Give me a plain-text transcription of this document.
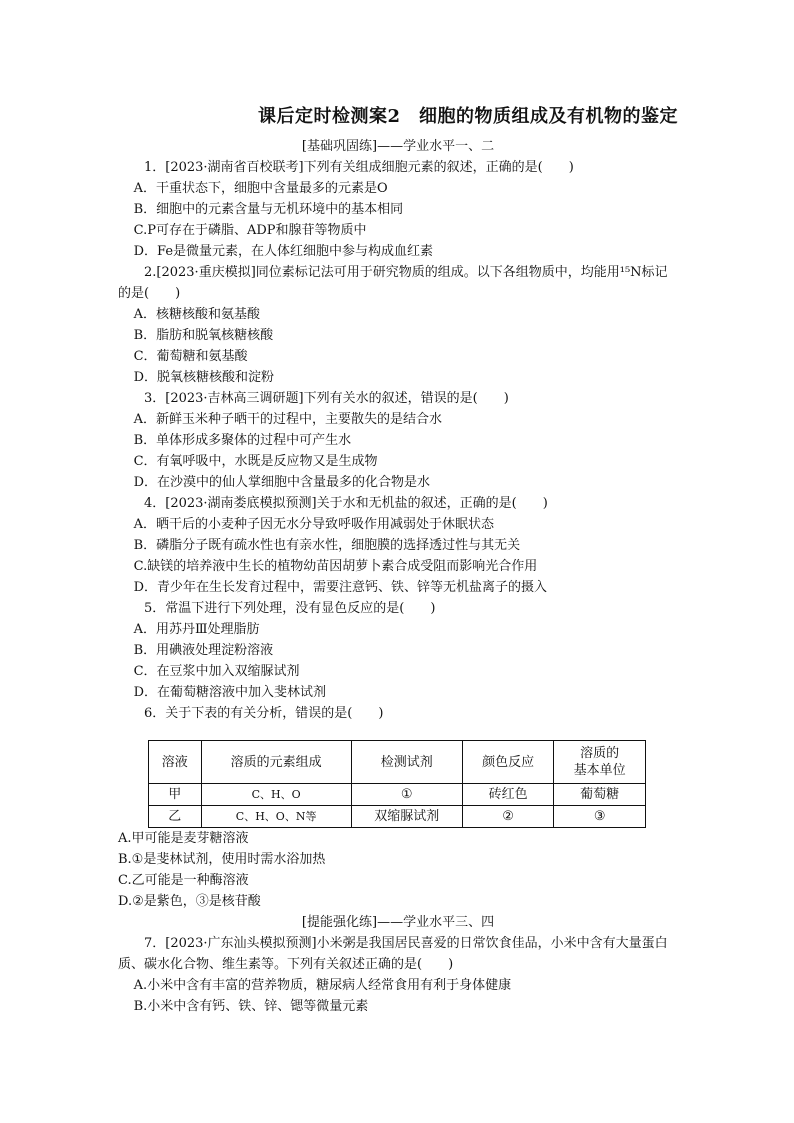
课后定时检测案2　细胞的物质组成及有机物的鉴定

[基础巩固练]——学业水平一、二

1．[2023·湖南省百校联考]下列有关组成细胞元素的叙述，正确的是(　　)

A．干重状态下，细胞中含量最多的元素是O

B．细胞中的元素含量与无机环境中的基本相同

C.P可存在于磷脂、ADP和腺苷等物质中

D．Fe是微量元素，在人体红细胞中参与构成血红素

2.[2023·重庆模拟]同位素标记法可用于研究物质的组成。以下各组物质中，均能用¹⁵N标记的是(　　)

A．核糖核酸和氨基酸

B．脂肪和脱氧核糖核酸

C．葡萄糖和氨基酸

D．脱氧核糖核酸和淀粉

3．[2023·吉林高三调研题]下列有关水的叙述，错误的是(　　)

A．新鲜玉米种子晒干的过程中，主要散失的是结合水

B．单体形成多聚体的过程中可产生水

C．有氧呼吸中，水既是反应物又是生成物

D．在沙漠中的仙人掌细胞中含量最多的化合物是水

4．[2023·湖南娄底模拟预测]关于水和无机盐的叙述，正确的是(　　)

A．晒干后的小麦种子因无水分导致呼吸作用减弱处于休眠状态

B．磷脂分子既有疏水性也有亲水性，细胞膜的选择透过性与其无关

C.缺镁的培养液中生长的植物幼苗因胡萝卜素合成受阻而影响光合作用

D．青少年在生长发育过程中，需要注意钙、铁、锌等无机盐离子的摄入

5．常温下进行下列处理，没有显色反应的是(　　)

A．用苏丹Ⅲ处理脂肪

B．用碘液处理淀粉溶液

C．在豆浆中加入双缩脲试剂

D．在葡萄糖溶液中加入斐林试剂

6．关于下表的有关分析，错误的是(　　)

溶液	溶质的元素组成	检测试剂	颜色反应	溶质的
基本单位
甲	C、H、O	①	砖红色	葡萄糖
乙	C、H、O、N等	双缩脲试剂	②	③

A.甲可能是麦芽糖溶液

B.①是斐林试剂，使用时需水浴加热

C.乙可能是一种酶溶液

D.②是紫色，③是核苷酸

[提能强化练]——学业水平三、四

7．[2023·广东汕头模拟预测]小米粥是我国居民喜爱的日常饮食佳品，小米中含有大量蛋白质、碳水化合物、维生素等。下列有关叙述正确的是(　　)

A.小米中含有丰富的营养物质，糖尿病人经常食用有利于身体健康

B.小米中含有钙、铁、锌、锶等微量元素
